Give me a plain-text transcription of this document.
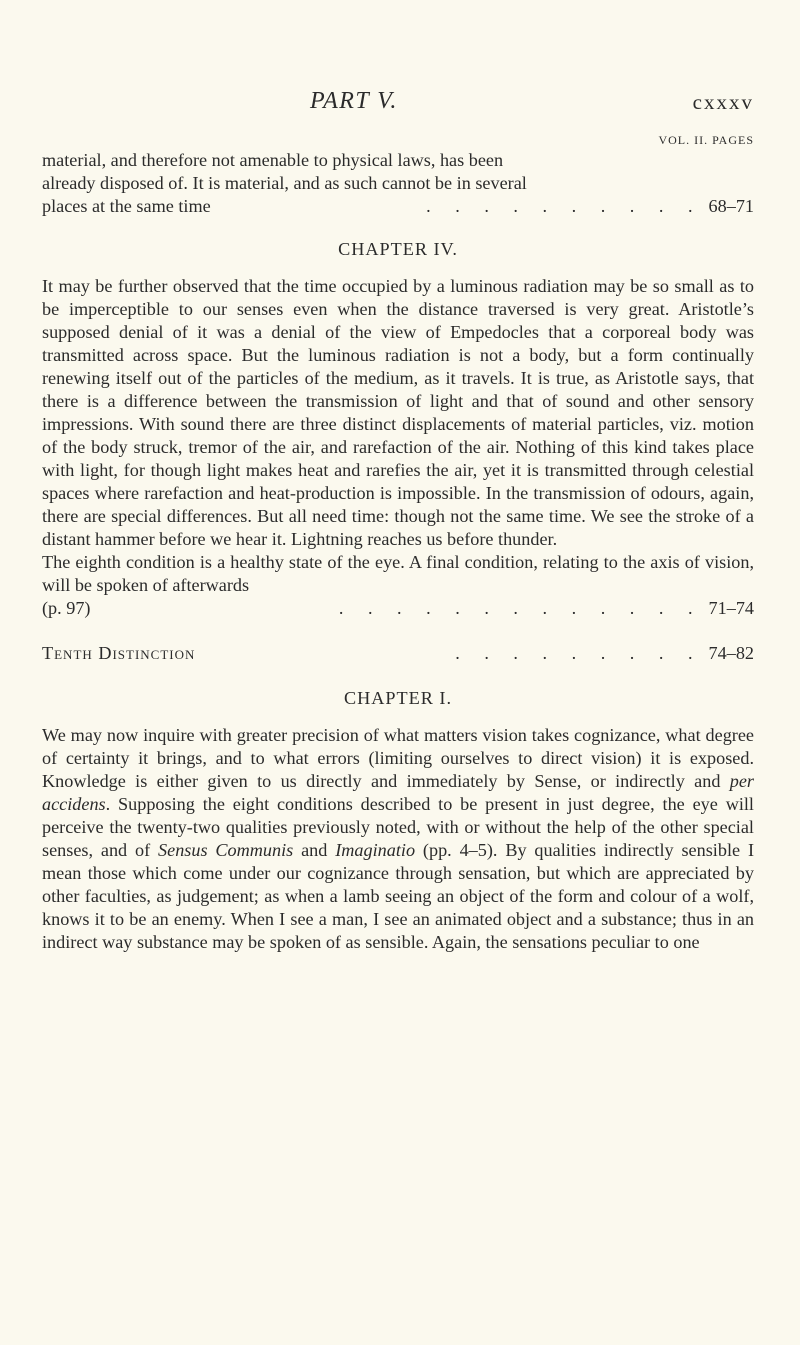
PART V.	cxxxv

VOL. II. PAGES

material, and therefore not amenable to physical laws, has been

already disposed of. It is material, and as such cannot be in several

places at the same time	. . . . . . . . . . 68–71

CHAPTER IV.

It may be further observed that the time occupied by a luminous radiation may be so small as to be imperceptible to our senses even when the distance traversed is very great. Aristotle’s supposed denial of it was a denial of the view of Empedocles that a corporeal body was transmitted across space. But the luminous radiation is not a body, but a form continually renewing itself out of the particles of the medium, as it travels. It is true, as Aristotle says, that there is a difference between the transmission of light and that of sound and other sensory impressions. With sound there are three distinct displacements of material particles, viz. motion of the body struck, tremor of the air, and rarefaction of the air. Nothing of this kind takes place with light, for though light makes heat and rarefies the air, yet it is transmitted through celestial spaces where rarefaction and heat-production is impossible. In the transmission of odours, again, there are special differences. But all need time: though not the same time. We see the stroke of a distant hammer before we hear it. Lightning reaches us before thunder.

The eighth condition is a healthy state of the eye. A final condition, relating to the axis of vision, will be spoken of afterwards

(p. 97)	. . . . . . . . . . . . . 71–74

Tenth Distinction	. . . . . . . . . 74–82

CHAPTER I.

We may now inquire with greater precision of what matters vision takes cognizance, what degree of certainty it brings, and to what errors (limiting ourselves to direct vision) it is exposed. Knowledge is either given to us directly and immediately by Sense, or indirectly and per accidens. Supposing the eight conditions described to be present in just degree, the eye will perceive the twenty-two qualities previously noted, with or without the help of the other special senses, and of Sensus Communis and Imaginatio (pp. 4–5). By qualities indirectly sensible I mean those which come under our cognizance through sensation, but which are appreciated by other faculties, as judgement; as when a lamb seeing an object of the form and colour of a wolf, knows it to be an enemy. When I see a man, I see an animated object and a substance; thus in an indirect way substance may be spoken of as sensible. Again, the sensations peculiar to one
